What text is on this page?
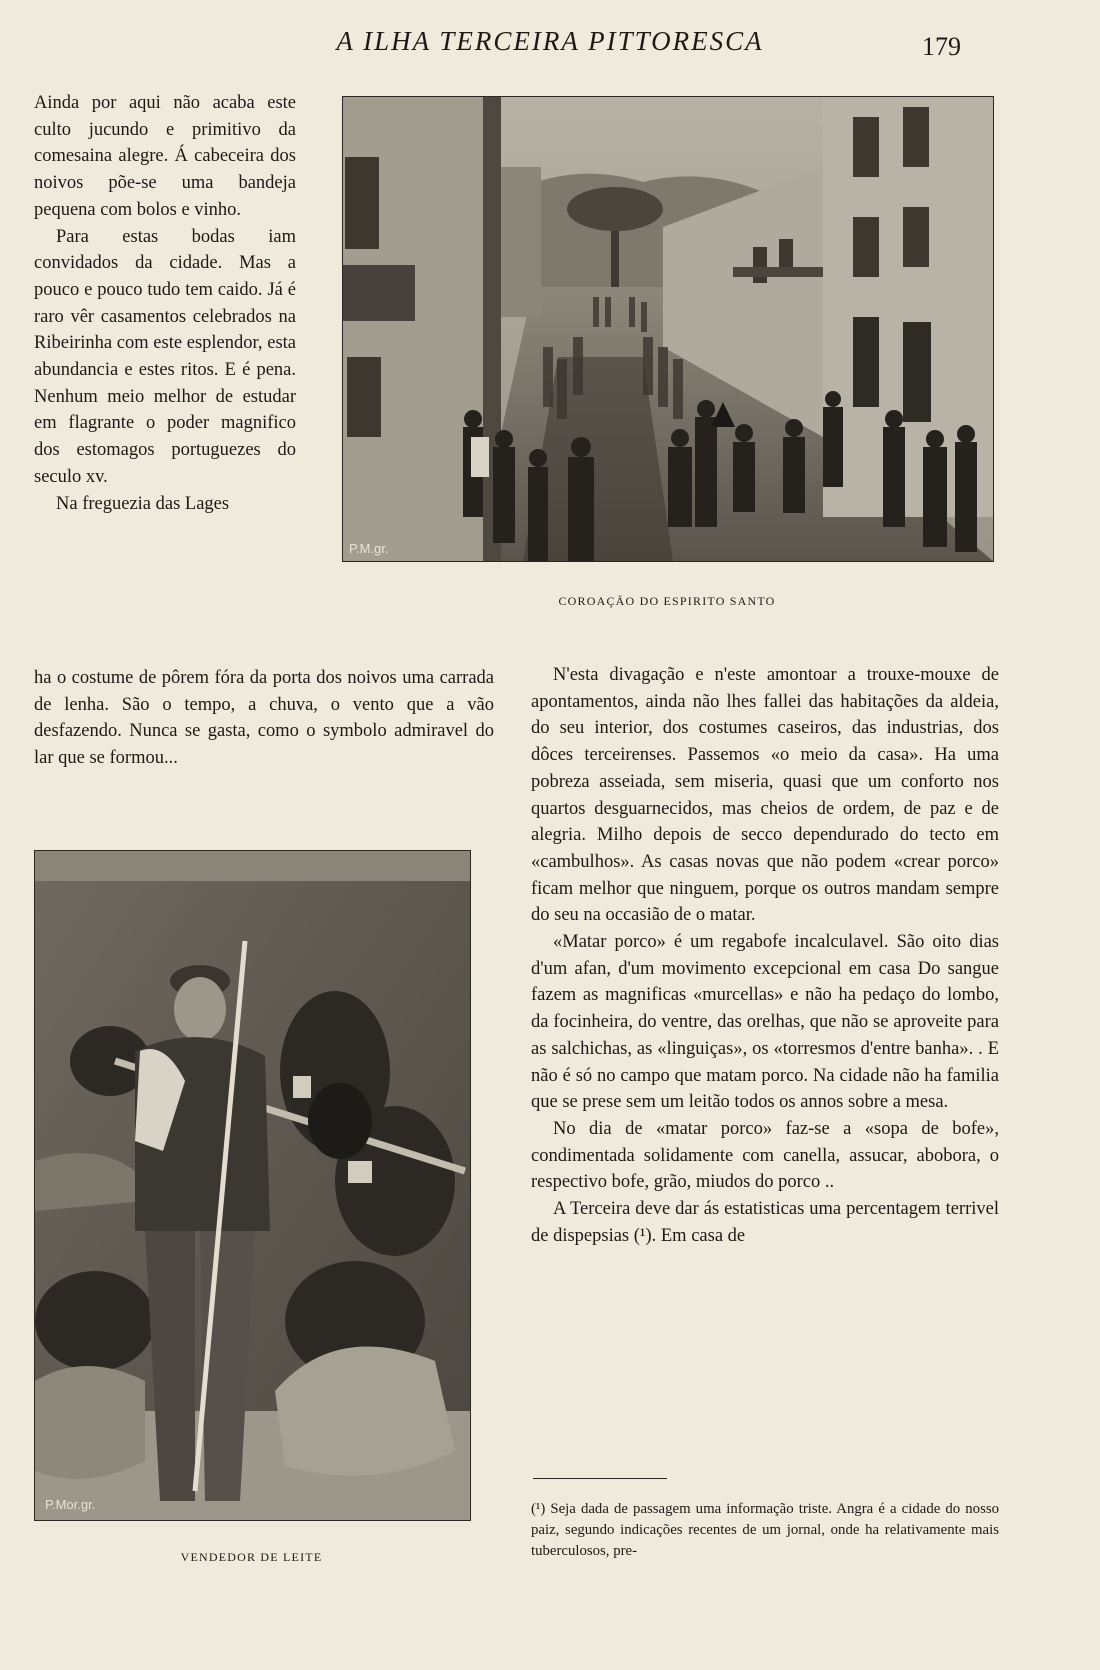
A ILHA TERCEIRA PITTORESCA	179

Ainda por aqui não acaba este culto jucundo e primitivo da comesaina alegre. Á cabeceira dos noivos põe-se uma bandeja pequena com bolos e vinho.

Para estas bodas iam convidados da cidade. Mas a pouco e pouco tudo tem caido. Já é raro vêr casamentos celebrados na Ribeirinha com este esplendor, esta abundancia e estes ritos. E é pena. Nenhum meio melhor de estudar em flagrante o poder magnifico dos estomagos portuguezes do seculo xv.

Na freguezia das Lages

ha o costume de pôrem fóra da porta dos noivos uma carrada de lenha. São o tempo, a chuva, o vento que a vão desfazendo. Nunca se gasta, como o symbolo admiravel do lar que se formou...

P.M.gr.
COROAÇÃO DO ESPIRITO SANTO
P.Mor.gr.
VENDEDOR DE LEITE

N'esta divagação e n'este amontoar a trouxe-mouxe de apontamentos, ainda não lhes fallei das habitações da aldeia, do seu interior, dos costumes caseiros, das industrias, dos dôces terceirenses. Passemos «o meio da casa». Ha uma pobreza asseiada, sem miseria, quasi que um conforto nos quartos desguarnecidos, mas cheios de ordem, de paz e de alegria. Milho depois de secco dependurado do tecto em «cambulhos». As casas novas que não podem «crear porco» ficam melhor que ninguem, porque os outros mandam sempre do seu na occasião de o matar.

«Matar porco» é um regabofe incalculavel. São oito dias d'um afan, d'um movimento excepcional em casa Do sangue fazem as magnificas «murcellas» e não ha pedaço do lombo, da focinheira, do ventre, das orelhas, que não se aproveite para as salchichas, as «linguiças», os «torresmos d'entre banha». . E não é só no campo que matam porco. Na cidade não ha familia que se prese sem um leitão todos os annos sobre a mesa.

No dia de «matar porco» faz-se a «sopa de bofe», condimentada solidamente com canella, assucar, abobora, o respectivo bofe, grão, miudos do porco ..

A Terceira deve dar ás estatisticas uma percentagem terrivel de dispepsias (¹). Em casa de

(¹) Seja dada de passagem uma informação triste. Angra é a cidade do nosso paiz, segundo indicações recentes de um jornal, onde ha relativamente mais tuberculosos, pre-
